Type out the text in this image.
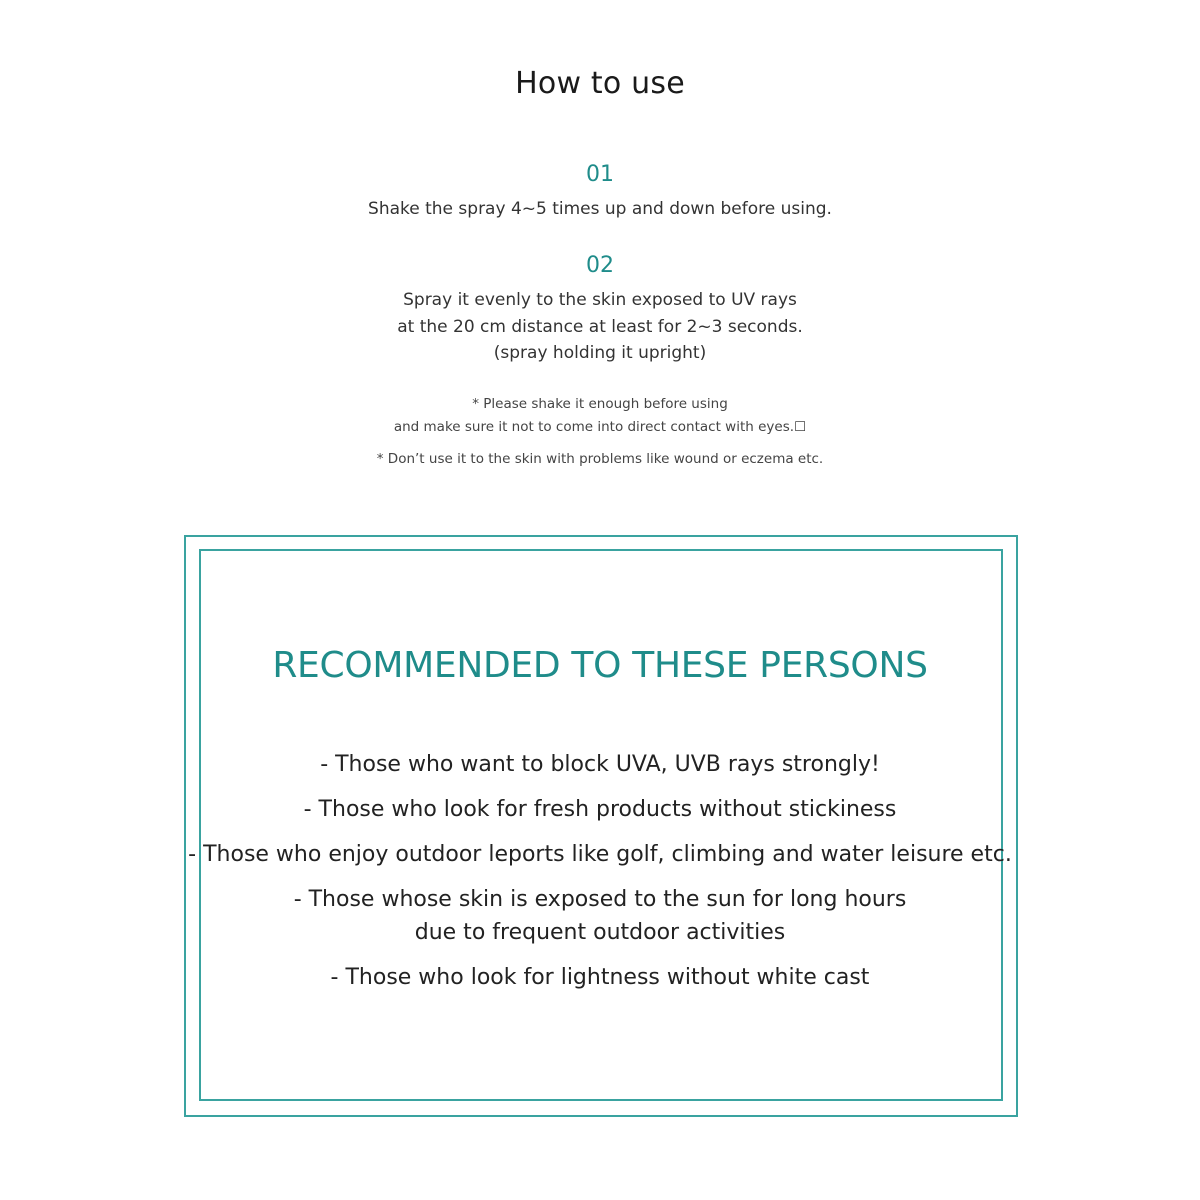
How to use
01
Shake the spray 4~5 times up and down before using.
02
Spray it evenly to the skin exposed to UV rays
at the 20 cm distance at least for 2~3 seconds.
(spray holding it upright)
* Please shake it enough before using
and make sure it not to come into direct contact with eyes.☐
* Don’t use it to the skin with problems like wound or eczema etc.
RECOMMENDED TO THESE PERSONS
- Those who want to block UVA, UVB rays strongly!
- Those who look for fresh products without stickiness
- Those who enjoy outdoor leports like golf, climbing and water leisure etc.
- Those whose skin is exposed to the sun for long hours
due to frequent outdoor activities
- Those who look for lightness without white cast
